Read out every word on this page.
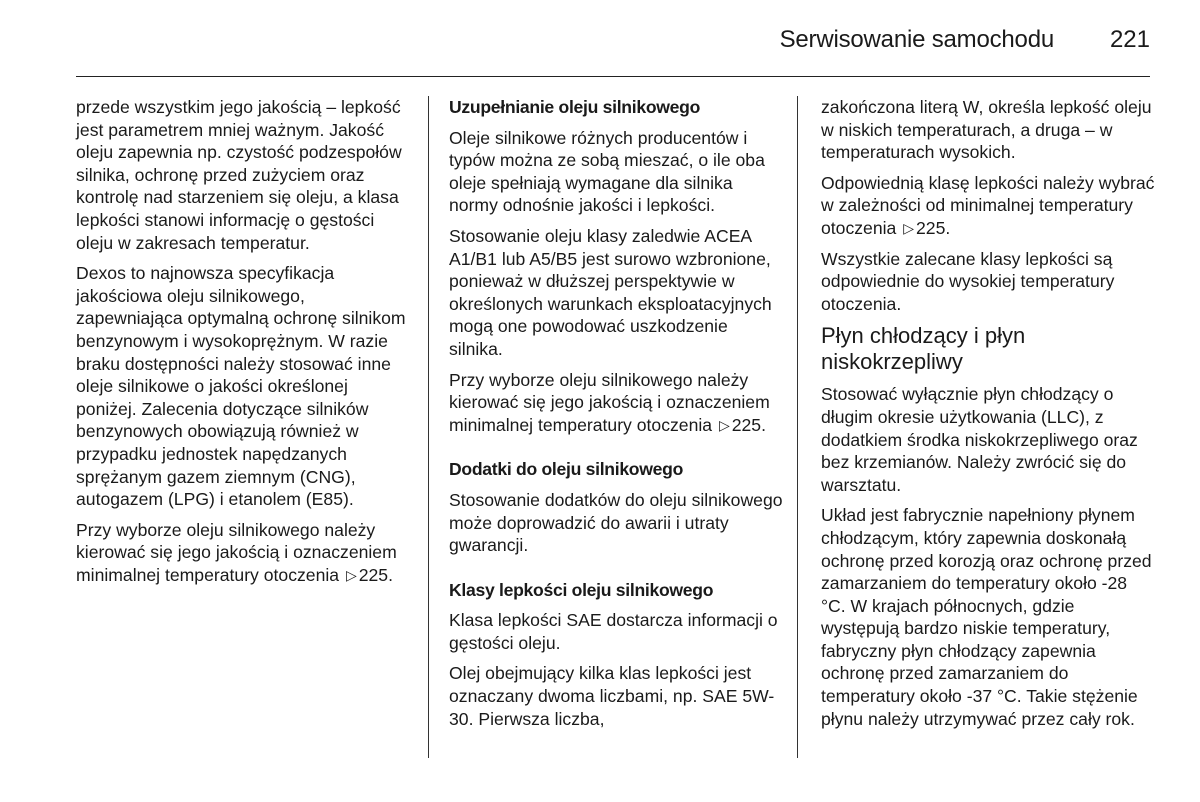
Serwisowanie samochodu 221

przede wszystkim jego jakością – lepkość jest parametrem mniej ważnym. Jakość oleju zapewnia np. czystość podzespołów silnika, ochronę przed zużyciem oraz kontrolę nad starzeniem się oleju, a klasa lepkości stanowi informację o gęstości oleju w zakresach temperatur.

Dexos to najnowsza specyfikacja jakościowa oleju silnikowego, zapewniająca optymalną ochronę silnikom benzynowym i wysokoprężnym. W razie braku dostępności należy stosować inne oleje silnikowe o jakości określonej poniżej. Zalecenia dotyczące silników benzynowych obowiązują również w przypadku jednostek napędzanych sprężanym gazem ziemnym (CNG), autogazem (LPG) i etanolem (E85).

Przy wyborze oleju silnikowego należy kierować się jego jakością i oznaczeniem minimalnej temperatury otoczenia ▷ 225.

Uzupełnianie oleju silnikowego

Oleje silnikowe różnych producentów i typów można ze sobą mieszać, o ile oba oleje spełniają wymagane dla silnika normy odnośnie jakości i lepkości.

Stosowanie oleju klasy zaledwie ACEA A1/B1 lub A5/B5 jest surowo wzbronione, ponieważ w dłuższej perspektywie w określonych warunkach eksploatacyjnych mogą one powodować uszkodzenie silnika.

Przy wyborze oleju silnikowego należy kierować się jego jakością i oznaczeniem minimalnej temperatury otoczenia ▷ 225.

Dodatki do oleju silnikowego

Stosowanie dodatków do oleju silnikowego może doprowadzić do awarii i utraty gwarancji.

Klasy lepkości oleju silnikowego

Klasa lepkości SAE dostarcza informacji o gęstości oleju.

Olej obejmujący kilka klas lepkości jest oznaczany dwoma liczbami, np. SAE 5W-30. Pierwsza liczba,

zakończona literą W, określa lepkość oleju w niskich temperaturach, a druga – w temperaturach wysokich.

Odpowiednią klasę lepkości należy wybrać w zależności od minimalnej temperatury otoczenia ▷ 225.

Wszystkie zalecane klasy lepkości są odpowiednie do wysokiej temperatury otoczenia.

Płyn chłodzący i płyn niskokrzepliwy

Stosować wyłącznie płyn chłodzący o długim okresie użytkowania (LLC), z dodatkiem środka niskokrzepliwego oraz bez krzemianów. Należy zwrócić się do warsztatu.

Układ jest fabrycznie napełniony płynem chłodzącym, który zapewnia doskonałą ochronę przed korozją oraz ochronę przed zamarzaniem do temperatury około -28 °C. W krajach północnych, gdzie występują bardzo niskie temperatury, fabryczny płyn chłodzący zapewnia ochronę przed zamarzaniem do temperatury około -37 °C. Takie stężenie płynu należy utrzymywać przez cały rok.
